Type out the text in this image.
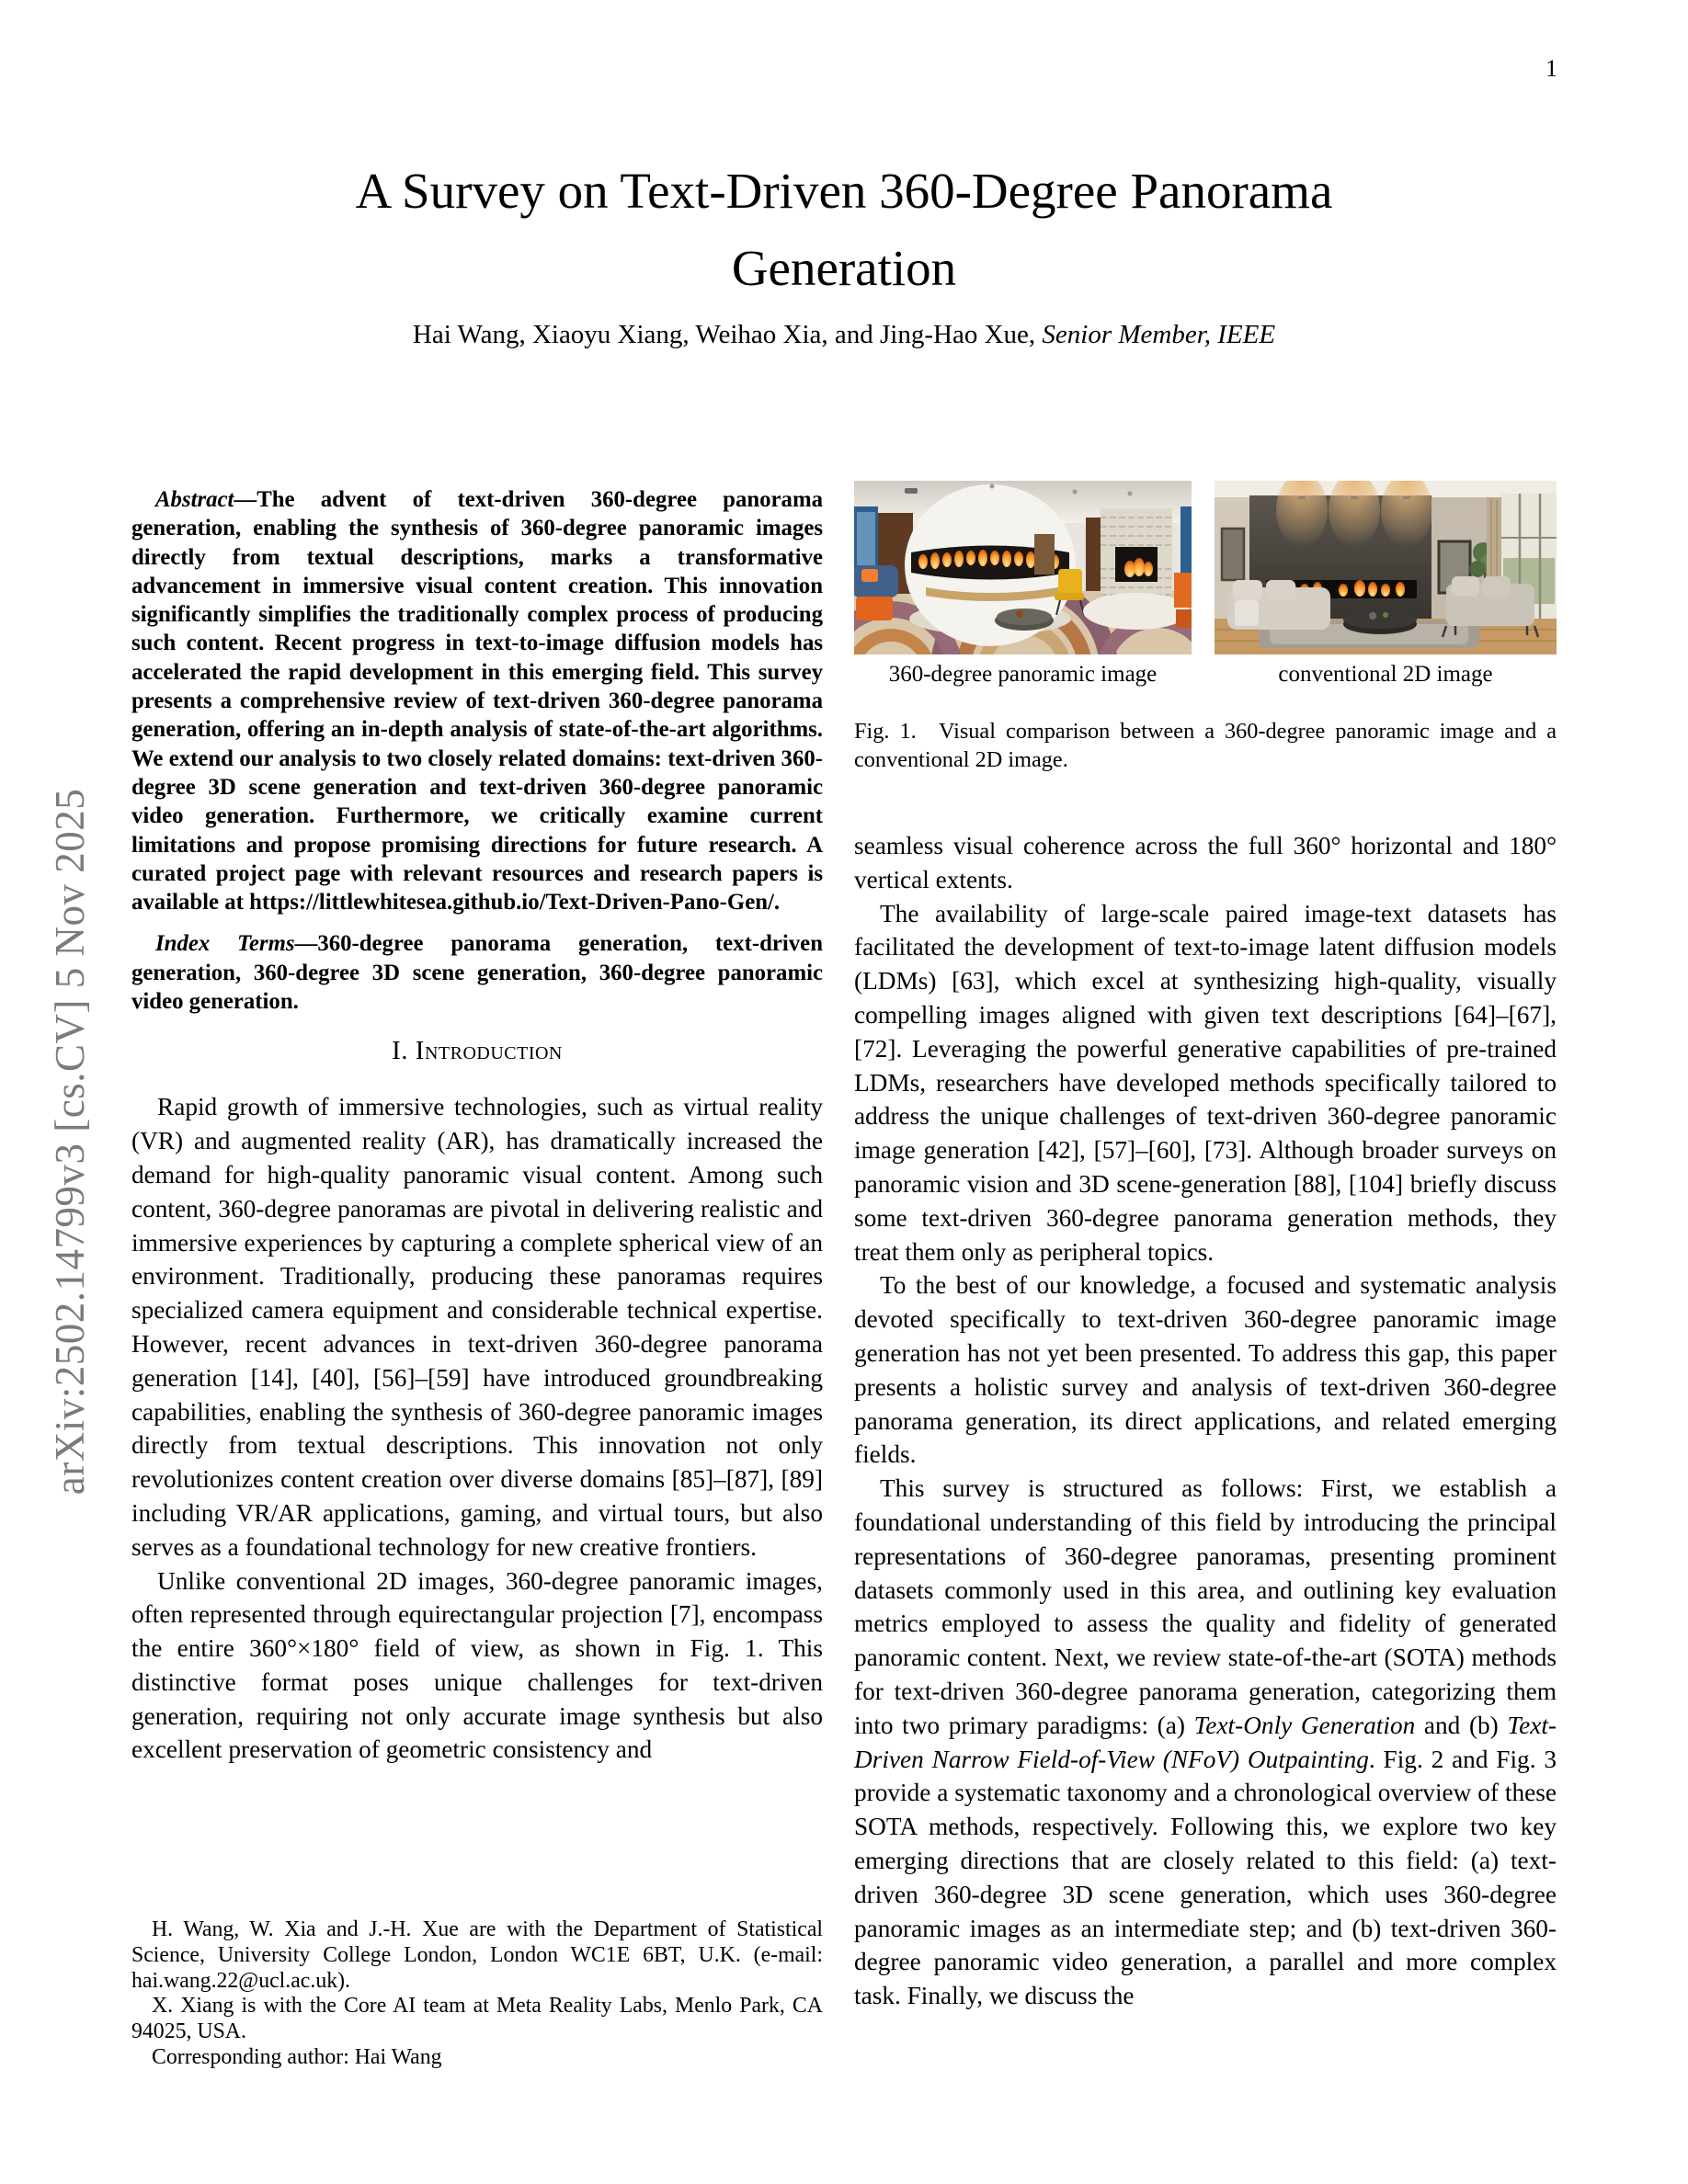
1
arXiv:2502.14799v3 [cs.CV] 5 Nov 2025
A Survey on Text-Driven 360-Degree Panorama
Generation
Hai Wang, Xiaoyu Xiang, Weihao Xia, and Jing-Hao Xue, Senior Member, IEEE

Abstract—The advent of text-driven 360-degree panorama generation, enabling the synthesis of 360-degree panoramic images directly from textual descriptions, marks a transformative advancement in immersive visual content creation. This innovation significantly simplifies the traditionally complex process of producing such content. Recent progress in text-to-image diffusion models has accelerated the rapid development in this emerging field. This survey presents a comprehensive review of text-driven 360-degree panorama generation, offering an in-depth analysis of state-of-the-art algorithms. We extend our analysis to two closely related domains: text-driven 360-degree 3D scene generation and text-driven 360-degree panoramic video generation. Furthermore, we critically examine current limitations and propose promising directions for future research. A curated project page with relevant resources and research papers is available at https://littlewhitesea.github.io/Text-Driven-Pano-Gen/.

Index Terms—360-degree panorama generation, text-driven generation, 360-degree 3D scene generation, 360-degree panoramic video generation.

I. Introduction

Rapid growth of immersive technologies, such as virtual reality (VR) and augmented reality (AR), has dramatically increased the demand for high-quality panoramic visual content. Among such content, 360-degree panoramas are pivotal in delivering realistic and immersive experiences by capturing a complete spherical view of an environment. Traditionally, producing these panoramas requires specialized camera equipment and considerable technical expertise. However, recent advances in text-driven 360-degree panorama generation [14], [40], [56]–[59] have introduced groundbreaking capabilities, enabling the synthesis of 360-degree panoramic images directly from textual descriptions. This innovation not only revolutionizes content creation over diverse domains [85]–[87], [89] including VR/AR applications, gaming, and virtual tours, but also serves as a foundational technology for new creative frontiers.

Unlike conventional 2D images, 360-degree panoramic images, often represented through equirectangular projection [7], encompass the entire 360°×180° field of view, as shown in Fig. 1. This distinctive format poses unique challenges for text-driven generation, requiring not only accurate image synthesis but also excellent preservation of geometric consistency and

H. Wang, W. Xia and J.-H. Xue are with the Department of Statistical Science, University College London, London WC1E 6BT, U.K. (e-mail: hai.wang.22@ucl.ac.uk).

X. Xiang is with the Core AI team at Meta Reality Labs, Menlo Park, CA 94025, USA.

Corresponding author: Hai Wang

360-degree panoramic image	conventional 2D image
Fig. 1. Visual comparison between a 360-degree panoramic image and a conventional 2D image.

seamless visual coherence across the full 360° horizontal and 180° vertical extents.

The availability of large-scale paired image-text datasets has facilitated the development of text-to-image latent diffusion models (LDMs) [63], which excel at synthesizing high-quality, visually compelling images aligned with given text descriptions [64]–[67], [72]. Leveraging the powerful generative capabilities of pre-trained LDMs, researchers have developed methods specifically tailored to address the unique challenges of text-driven 360-degree panoramic image generation [42], [57]–[60], [73]. Although broader surveys on panoramic vision and 3D scene-generation [88], [104] briefly discuss some text-driven 360-degree panorama generation methods, they treat them only as peripheral topics.

To the best of our knowledge, a focused and systematic analysis devoted specifically to text-driven 360-degree panoramic image generation has not yet been presented. To address this gap, this paper presents a holistic survey and analysis of text-driven 360-degree panorama generation, its direct applications, and related emerging fields.

This survey is structured as follows: First, we establish a foundational understanding of this field by introducing the principal representations of 360-degree panoramas, presenting prominent datasets commonly used in this area, and outlining key evaluation metrics employed to assess the quality and fidelity of generated panoramic content. Next, we review state-of-the-art (SOTA) methods for text-driven 360-degree panorama generation, categorizing them into two primary paradigms: (a) Text-Only Generation and (b) Text-Driven Narrow Field-of-View (NFoV) Outpainting. Fig. 2 and Fig. 3 provide a systematic taxonomy and a chronological overview of these SOTA methods, respectively. Following this, we explore two key emerging directions that are closely related to this field: (a) text-driven 360-degree 3D scene generation, which uses 360-degree panoramic images as an intermediate step; and (b) text-driven 360-degree panoramic video generation, a parallel and more complex task. Finally, we discuss the
